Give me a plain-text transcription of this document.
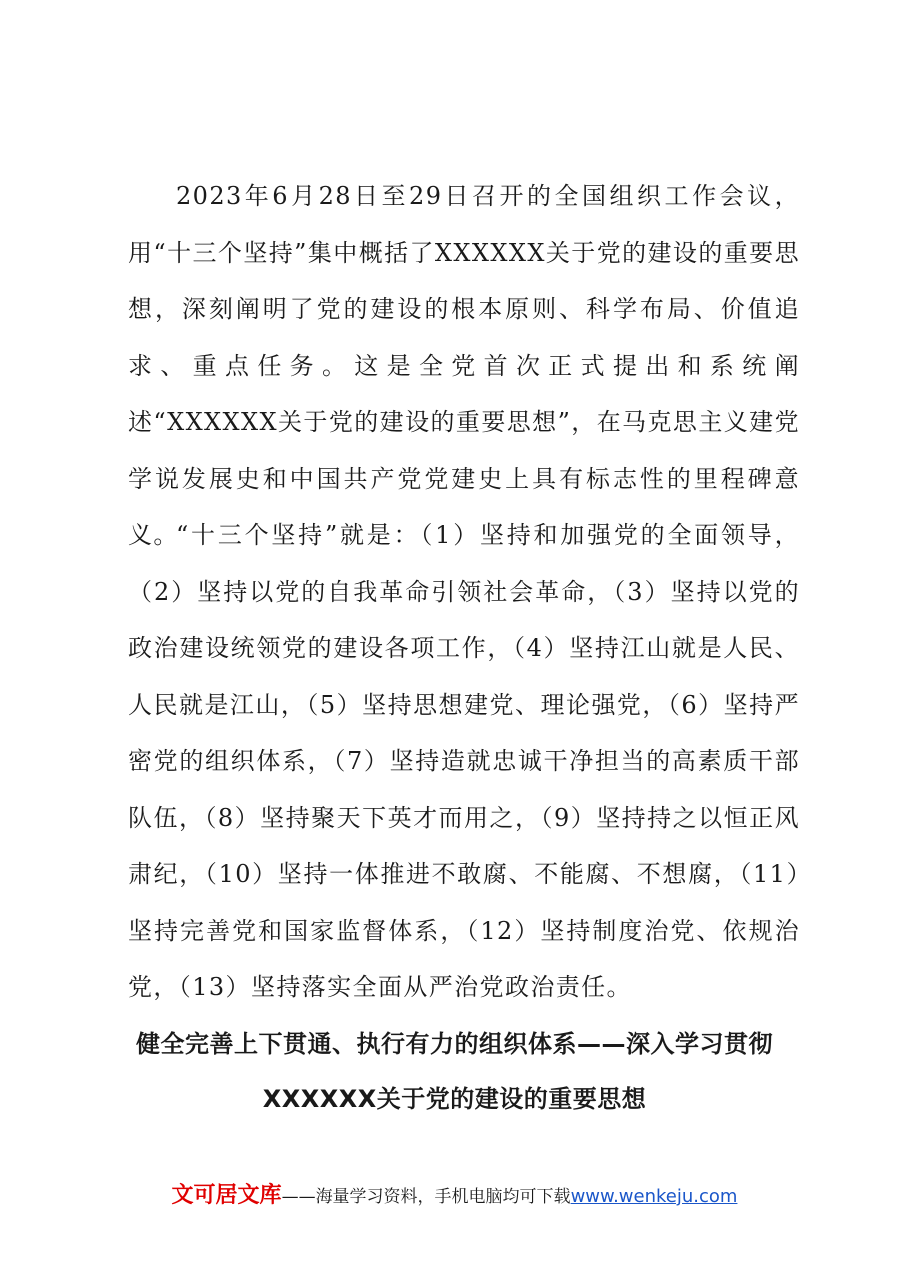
2023年6月28日至29日召开的全国组织工作会议，用“十三个坚持”集中概括了XXXXXX关于党的建设的重要思想，深刻阐明了党的建设的根本原则、科学布局、价值追求、重点任务。这是全党首次正式提出和系统阐述“XXXXXX关于党的建设的重要思想”，在马克思主义建党学说发展史和中国共产党党建史上具有标志性的里程碑意义。

“十三个坚持”就是：（1）坚持和加强党的全面领导，（2）坚持以党的自我革命引领社会革命，（3）坚持以党的政治建设统领党的建设各项工作，（4）坚持江山就是人民、人民就是江山，（5）坚持思想建党、理论强党，（6）坚持严密党的组织体系，（7）坚持造就忠诚干净担当的高素质干部队伍，（8）坚持聚天下英才而用之，（9）坚持持之以恒正风肃纪，（10）坚持一体推进不敢腐、不能腐、不想腐，（11）坚持完善党和国家监督体系，（12）坚持制度治党、依规治党，（13）坚持落实全面从严治党政治责任。

健全完善上下贯通、执行有力的组织体系——深入学习贯彻
XXXXXX关于党的建设的重要思想
文可居文库——海量学习资料，手机电脑均可下载www.wenkeju.com
